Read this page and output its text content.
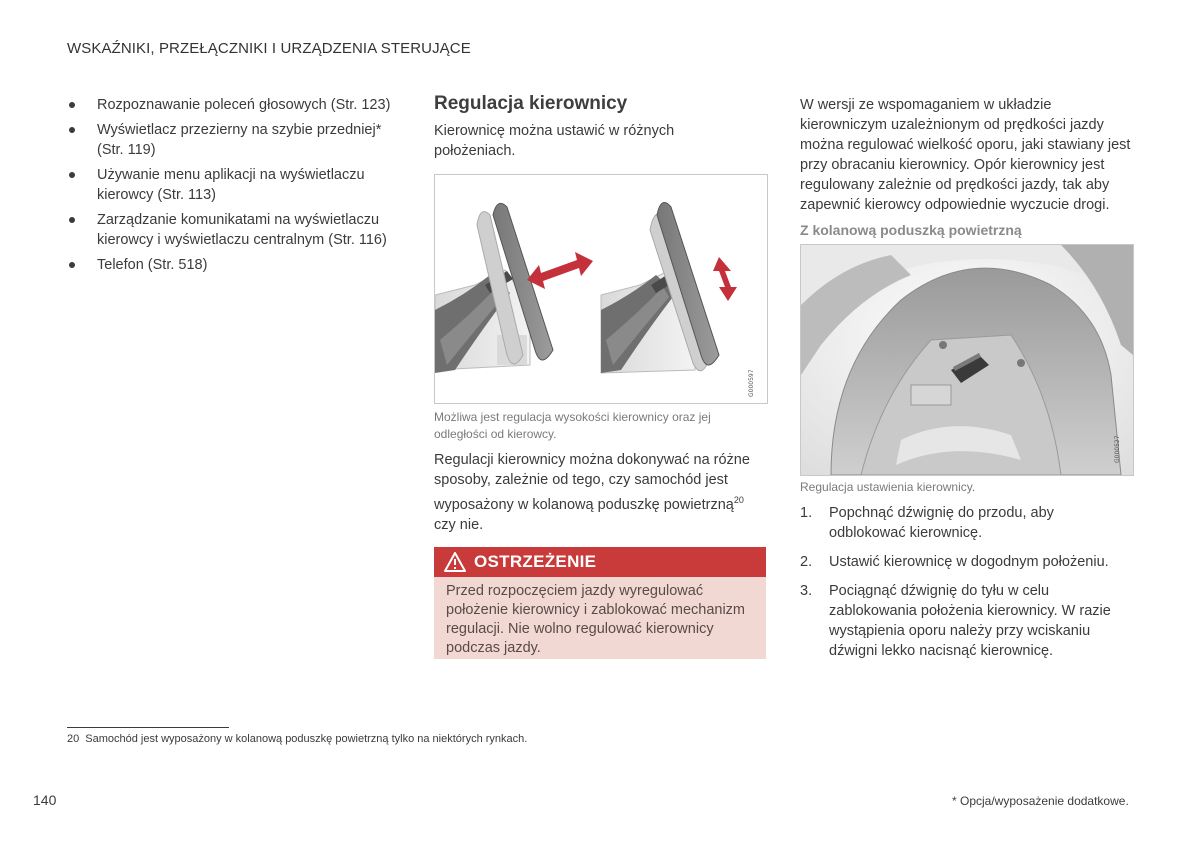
WSKAŹNIKI, PRZEŁĄCZNIKI I URZĄDZENIA STERUJĄCE
Rozpoznawanie poleceń głosowych (Str. 123)
Wyświetlacz przezierny na szybie przedniej* (Str. 119)
Używanie menu aplikacji na wyświetlaczu kierowcy (Str. 113)
Zarządzanie komunikatami na wyświetlaczu kierowcy i wyświetlaczu centralnym (Str. 116)
Telefon (Str. 518)
Regulacja kierownicy
Kierownicę można ustawić w różnych położeniach.
G000597
Możliwa jest regulacja wysokości kierownicy oraz jej odległości od kierowcy.
Regulacji kierownicy można dokonywać na różne sposoby, zależnie od tego, czy samochód jest wyposażony w kolanową poduszkę powietrzną$^{20}$ czy nie.
OSTRZEŻENIE

Przed rozpoczęciem jazdy wyregulować położenie kierownicy i zablokować mechanizm regulacji. Nie wolno regulować kierownicy podczas jazdy.

W wersji ze wspomaganiem w układzie kierowniczym uzależnionym od prędkości jazdy można regulować wielkość oporu, jaki stawiany jest przy obracaniu kierownicy. Opór kierownicy jest regulowany zależnie od prędkości jazdy, tak aby zapewnić kierowcy odpowiednie wyczucie drogi.
Z kolanową poduszką powietrzną
G000527
Regulacja ustawienia kierownicy.
1. Popchnąć dźwignię do przodu, aby odblokować kierownicę.
2. Ustawić kierownicę w dogodnym położeniu.
3. Pociągnąć dźwignię do tyłu w celu zablokowania położenia kierownicy. W razie wystąpienia oporu należy przy wciskaniu dźwigni lekko nacisnąć kierownicę.
20 Samochód jest wyposażony w kolanową poduszkę powietrzną tylko na niektórych rynkach.
140	* Opcja/wyposażenie dodatkowe.
